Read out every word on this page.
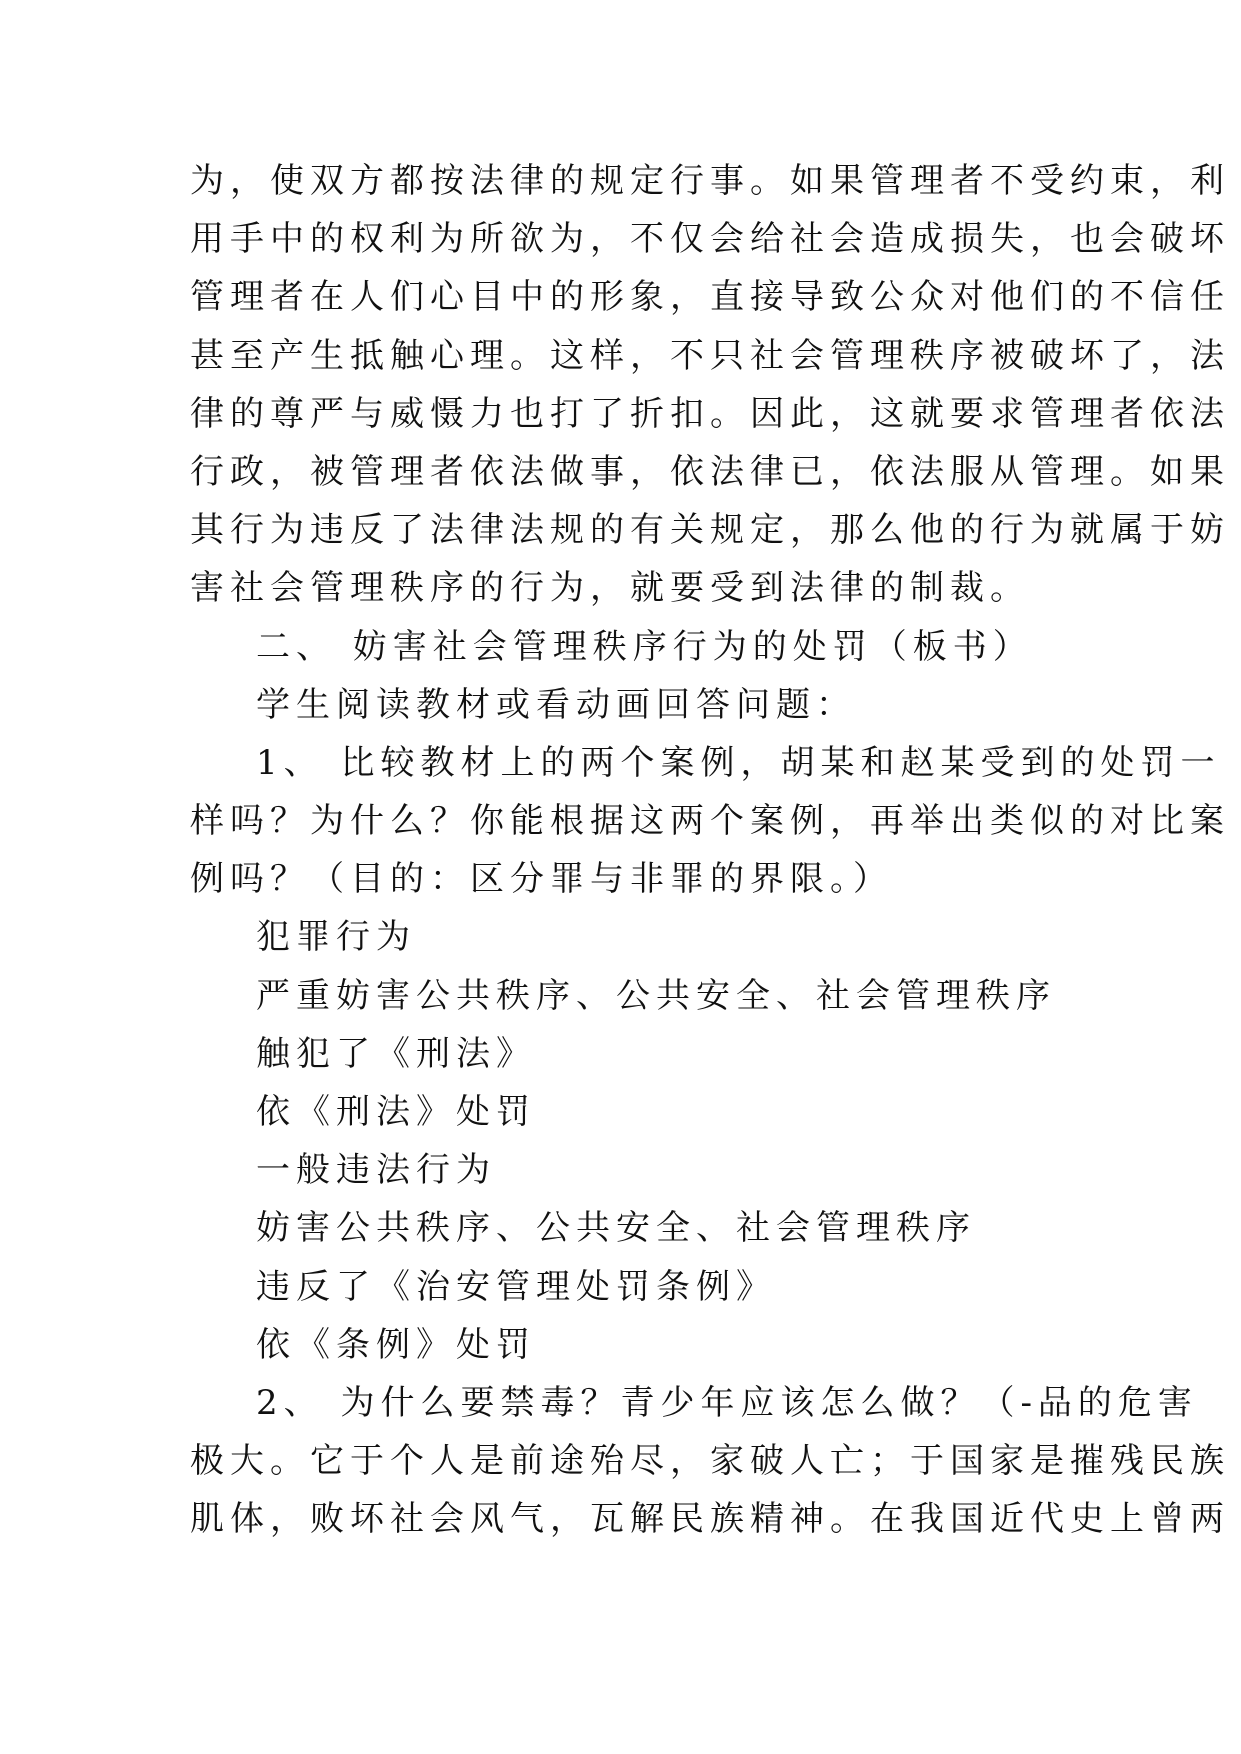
为，使双方都按法律的规定行事。如果管理者不受约束，利
用手中的权利为所欲为，不仅会给社会造成损失，也会破坏
管理者在人们心目中的形象，直接导致公众对他们的不信任
甚至产生抵触心理。这样，不只社会管理秩序被破坏了，法
律的尊严与威慑力也打了折扣。因此，这就要求管理者依法
行政，被管理者依法做事，依法律已，依法服从管理。如果
其行为违反了法律法规的有关规定，那么他的行为就属于妨
害社会管理秩序的行为，就要受到法律的制裁。
二、 妨害社会管理秩序行为的处罚（板书）
学生阅读教材或看动画回答问题：
1、 比较教材上的两个案例，胡某和赵某受到的处罚一
样吗？为什么？你能根据这两个案例，再举出类似的对比案
例吗？（目的：区分罪与非罪的界限。）
犯罪行为
严重妨害公共秩序、公共安全、社会管理秩序
触犯了《刑法》
依《刑法》处罚
一般违法行为
妨害公共秩序、公共安全、社会管理秩序
违反了《治安管理处罚条例》
依《条例》处罚
2、 为什么要禁毒？青少年应该怎么做？（-品的危害
极大。它于个人是前途殆尽，家破人亡；于国家是摧残民族
肌体，败坏社会风气，瓦解民族精神。在我国近代史上曾两
